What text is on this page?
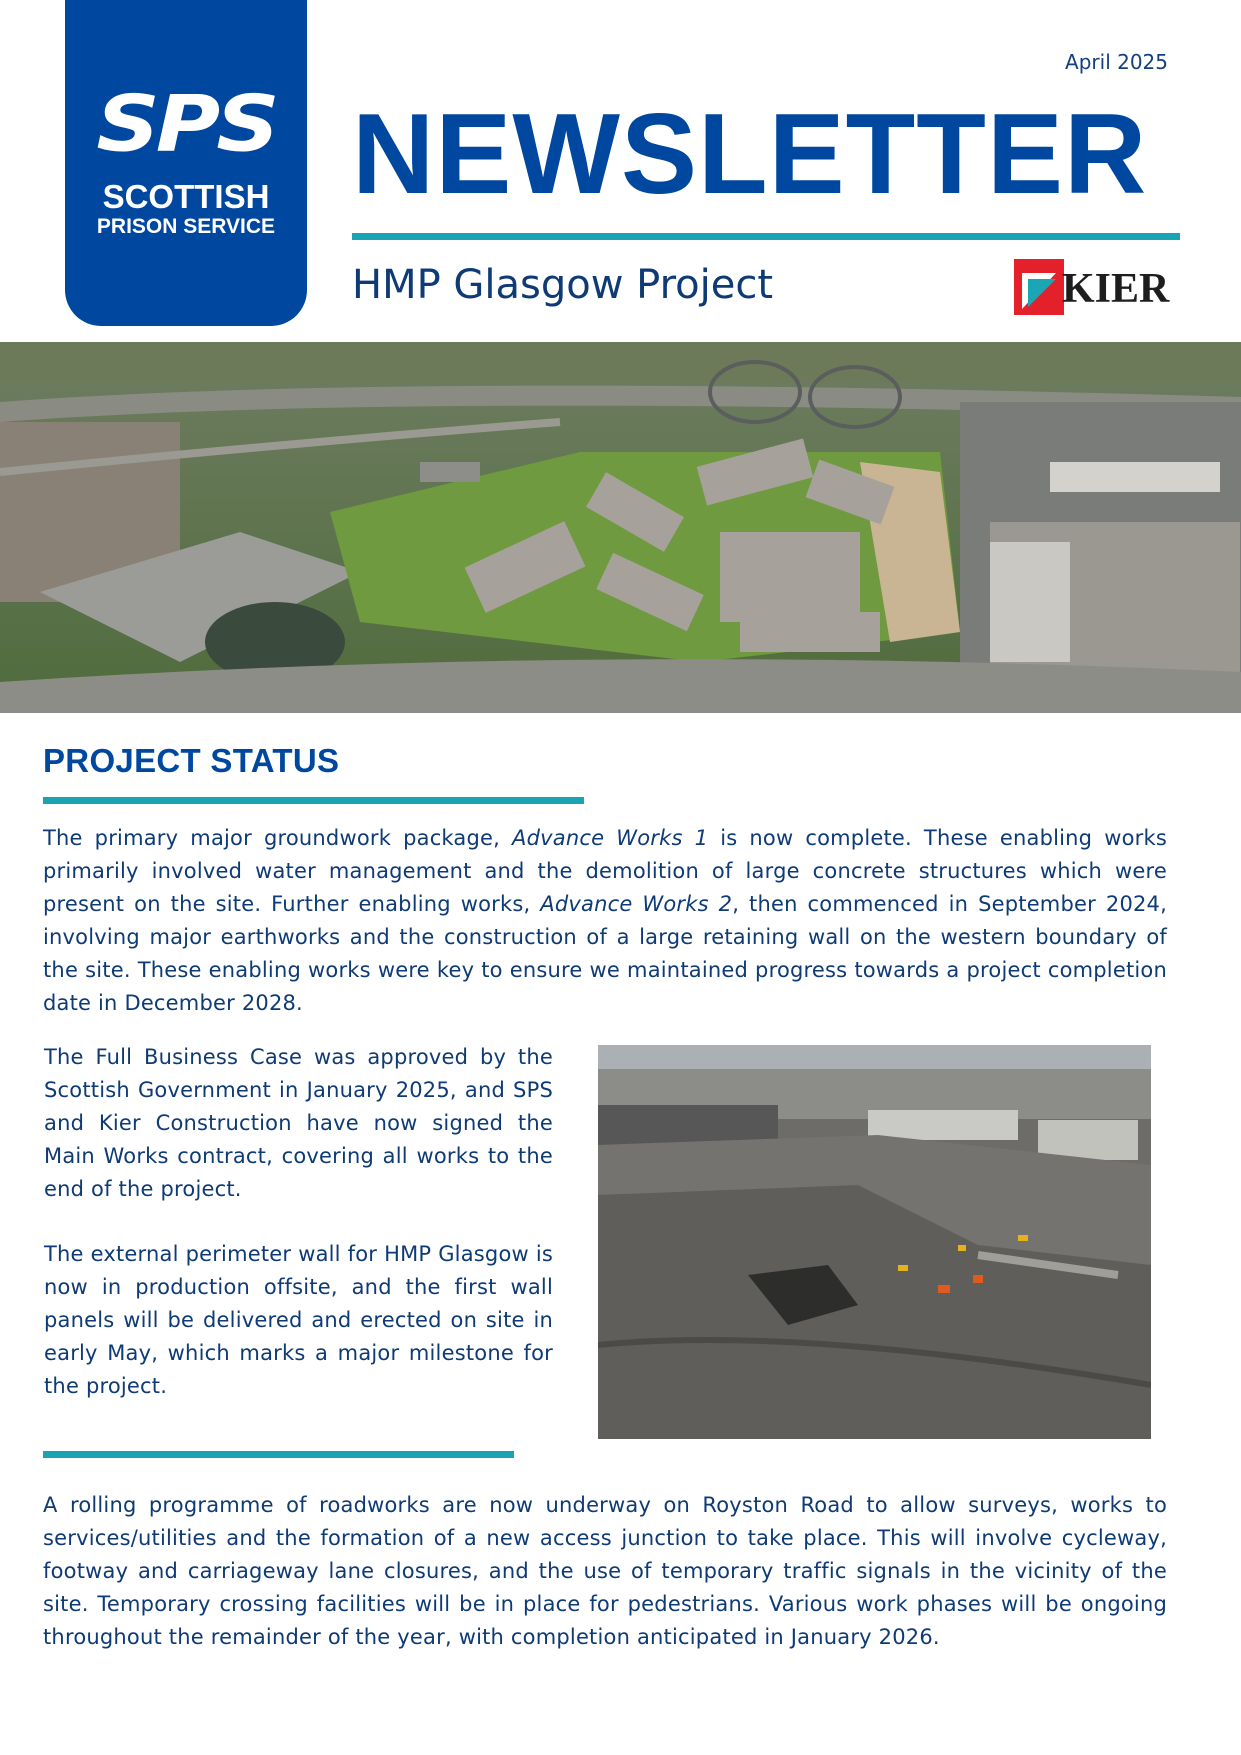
SPS
SCOTTISH
PRISON SERVICE
April 2025
NEWSLETTER
HMP Glasgow Project	KIER
PROJECT STATUS
The primary major groundwork package, Advance Works 1 is now complete. These enabling works primarily involved water management and the demolition of large concrete structures which were present on the site. Further enabling works, Advance Works 2, then commenced in September 2024, involving major earthworks and the construction of a large retaining wall on the western boundary of the site. These enabling works were key to ensure we maintained progress towards a project completion date in December 2028.
The Full Business Case was approved by the Scottish Government in January 2025, and SPS and Kier Construction have now signed the Main Works contract, covering all works to the end of the project.
The external perimeter wall for HMP Glasgow is now in production offsite, and the first wall panels will be delivered and erected on site in early May, which marks a major milestone for the project.
A rolling programme of roadworks are now underway on Royston Road to allow surveys, works to services/utilities and the formation of a new access junction to take place. This will involve cycleway, footway and carriageway lane closures, and the use of temporary traffic signals in the vicinity of the site. Temporary crossing facilities will be in place for pedestrians. Various work phases will be ongoing throughout the remainder of the year, with completion anticipated in January 2026.
